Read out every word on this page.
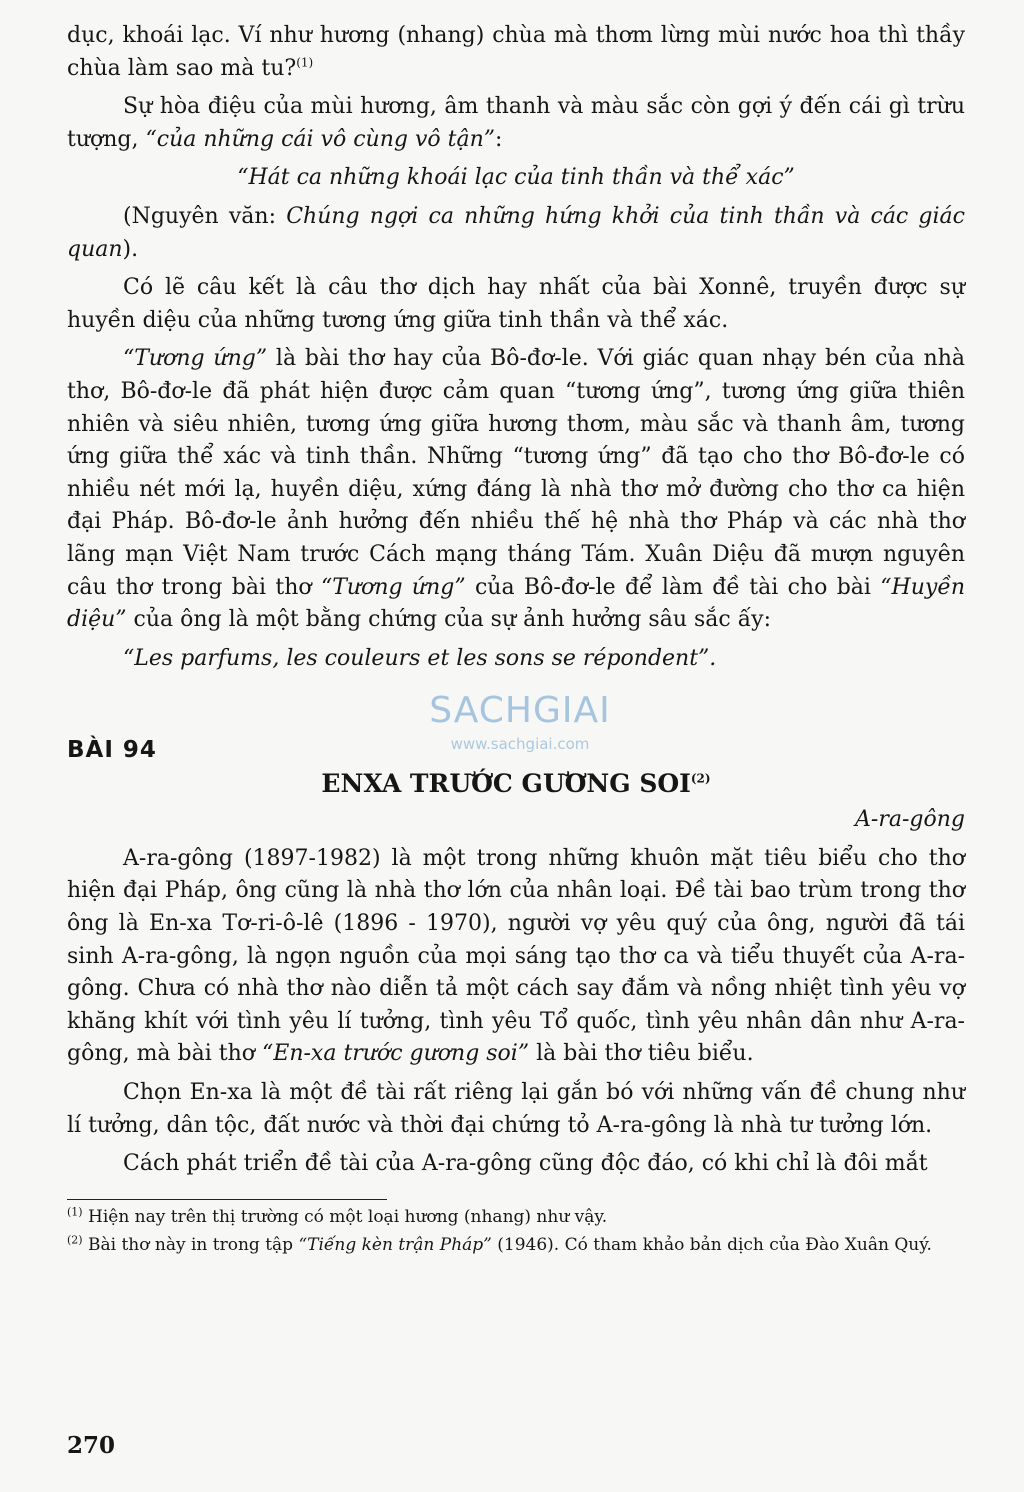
dục, khoái lạc. Ví như hương (nhang) chùa mà thơm lừng mùi nước hoa thì thầy chùa làm sao mà tu?$^{(1)}$

Sự hòa điệu của mùi hương, âm thanh và màu sắc còn gợi ý đến cái gì trừu tượng, “của những cái vô cùng vô tận”:

“Hát ca những khoái lạc của tinh thần và thể xác”

(Nguyên văn: Chúng ngợi ca những hứng khởi của tinh thần và các giác quan).

Có lẽ câu kết là câu thơ dịch hay nhất của bài Xonnê, truyền được sự huyền diệu của những tương ứng giữa tinh thần và thể xác.

“Tương ứng” là bài thơ hay của Bô-đơ-le. Với giác quan nhạy bén của nhà thơ, Bô-đơ-le đã phát hiện được cảm quan “tương ứng”, tương ứng giữa thiên nhiên và siêu nhiên, tương ứng giữa hương thơm, màu sắc và thanh âm, tương ứng giữa thể xác và tinh thần. Những “tương ứng” đã tạo cho thơ Bô-đơ-le có nhiều nét mới lạ, huyền diệu, xứng đáng là nhà thơ mở đường cho thơ ca hiện đại Pháp. Bô-đơ-le ảnh hưởng đến nhiều thế hệ nhà thơ Pháp và các nhà thơ lãng mạn Việt Nam trước Cách mạng tháng Tám. Xuân Diệu đã mượn nguyên câu thơ trong bài thơ “Tương ứng” của Bô-đơ-le để làm đề tài cho bài “Huyền diệu” của ông là một bằng chứng của sự ảnh hưởng sâu sắc ấy:

“Les parfums, les couleurs et les sons se répondent”.

BÀI 94
ENXA TRƯỚC GƯƠNG SOI$^{(2)}$

A-ra-gông

A-ra-gông (1897-1982) là một trong những khuôn mặt tiêu biểu cho thơ hiện đại Pháp, ông cũng là nhà thơ lớn của nhân loại. Đề tài bao trùm trong thơ ông là En-xa Tơ-ri-ô-lê (1896 - 1970), người vợ yêu quý của ông, người đã tái sinh A-ra-gông, là ngọn nguồn của mọi sáng tạo thơ ca và tiểu thuyết của A-ra-gông. Chưa có nhà thơ nào diễn tả một cách say đắm và nồng nhiệt tình yêu vợ khăng khít với tình yêu lí tưởng, tình yêu Tổ quốc, tình yêu nhân dân như A-ra-gông, mà bài thơ “En-xa trước gương soi” là bài thơ tiêu biểu.

Chọn En-xa là một đề tài rất riêng lại gắn bó với những vấn đề chung như lí tưởng, dân tộc, đất nước và thời đại chứng tỏ A-ra-gông là nhà tư tưởng lớn.

Cách phát triển đề tài của A-ra-gông cũng độc đáo, có khi chỉ là đôi mắt

$^{(1)}$ Hiện nay trên thị trường có một loại hương (nhang) như vậy.

$^{(2)}$ Bài thơ này in trong tập “Tiếng kèn trận Pháp” (1946). Có tham khảo bản dịch của Đào Xuân Quý.

SACHGIAI
www.sachgiai.com
270
